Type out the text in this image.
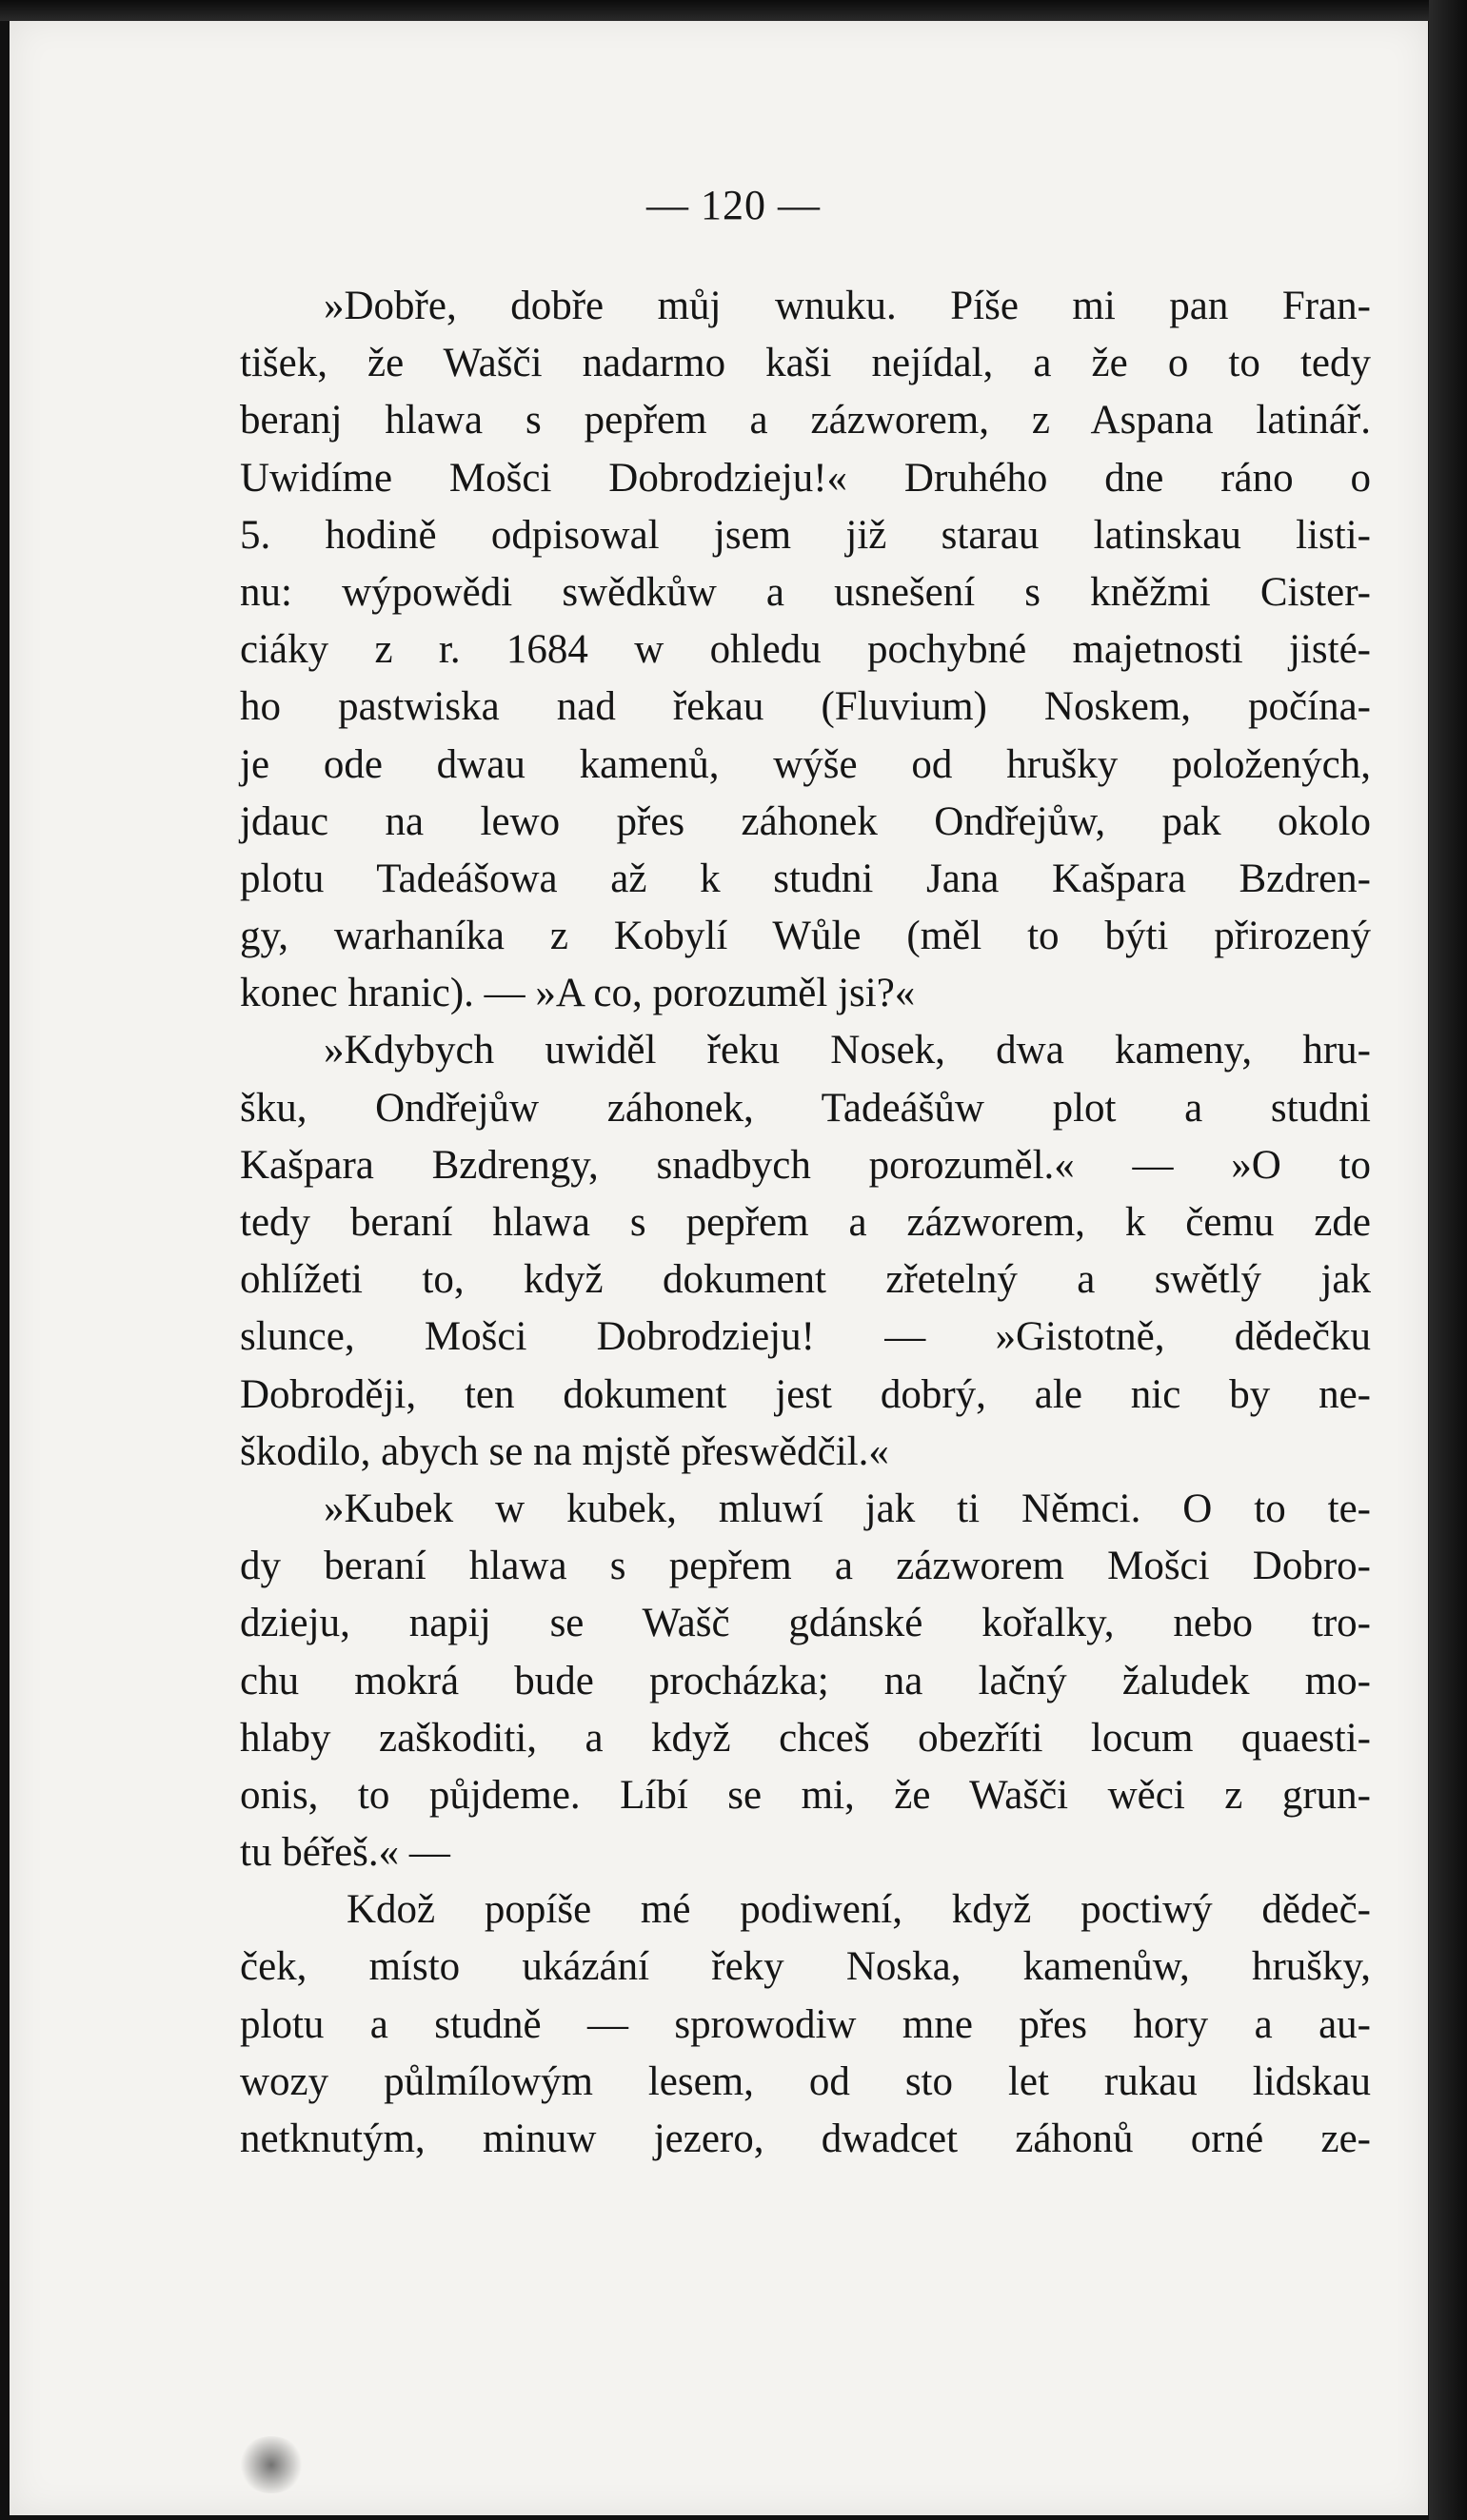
— 120 —
»Dobře, dobře můj wnuku. Píše mi pan Fran-
tišek, že Wašči nadarmo kaši nejídal, a že o to tedy
beranj hlawa s pepřem a zázworem, z Aspana latinář.
Uwidíme Mošci Dobrodzieju!« Druhého dne ráno o
5. hodině odpisowal jsem již starau latinskau listi-
nu: wýpowědi swědkůw a usnešení s kněžmi Cister-
ciáky z r. 1684 w ohledu pochybné majetnosti jisté-
ho pastwiska nad řekau (Fluvium) Noskem, počína-
je ode dwau kamenů, wýše od hrušky položených,
jdauc na lewo přes záhonek Ondřejůw, pak okolo
plotu Tadeášowa až k studni Jana Kašpara Bzdren-
gy, warhaníka z Kobylí Wůle (měl to býti přirozený
konec hranic). — »A co, porozuměl jsi?«
»Kdybych uwiděl řeku Nosek, dwa kameny, hru-
šku, Ondřejůw záhonek, Tadeášůw plot a studni
Kašpara Bzdrengy, snadbych porozuměl.« — »O to
tedy beraní hlawa s pepřem a zázworem, k čemu zde
ohlížeti to, když dokument zřetelný a swětlý jak
slunce, Mošci Dobrodzieju! — »Gistotně, dědečku
Dobroději, ten dokument jest dobrý, ale nic by ne-
škodilo, abych se na mjstě přeswědčil.«
»Kubek w kubek, mluwí jak ti Němci. O to te-
dy beraní hlawa s pepřem a zázworem Mošci Dobro-
dzieju, napij se Wašč gdánské kořalky, nebo tro-
chu mokrá bude procházka; na lačný žaludek mo-
hlaby zaškoditi, a když chceš obezříti locum quaesti-
onis, to půjdeme. Líbí se mi, že Wašči wěci z grun-
tu béřeš.« —
Kdož popíše mé podiwení, když poctiwý dědeč-
ček, místo ukázání řeky Noska, kamenůw, hrušky,
plotu a studně — sprowodiw mne přes hory a au-
wozy půlmílowým lesem, od sto let rukau lidskau
netknutým, minuw jezero, dwadcet záhonů orné ze-
